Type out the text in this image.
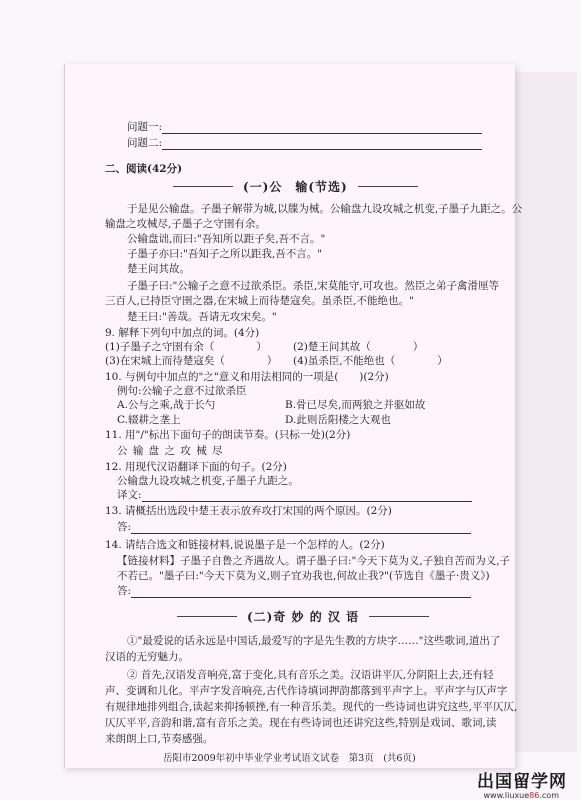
问题一:
问题二:
二、阅读(42分)
(一)公　输(节选)
于是见公输盘。子墨子解带为城,以牒为械。公输盘九设攻城之机变,子墨子九距之。公
输盘之攻械尽,子墨子之守圉有余。
公输盘诎,而曰:"吾知所以距子矣,吾不言。"
子墨子亦曰:"吾知子之所以距我,吾不言。"
楚王问其故。
子墨子曰:"公输子之意不过欲杀臣。杀臣,宋莫能守,可攻也。然臣之弟子禽滑厘等
三百人,已持臣守圉之器,在宋城上而待楚寇矣。虽杀臣,不能绝也。"
楚王曰:"善哉。吾请无攻宋矣。"
9. 解释下列句中加点的词。(4分)
(1)子墨子之守圉有余（　　　　） (2)楚王问其故（　　　　）
(3)在宋城上而待楚寇矣（　　　　） (4)虽杀臣,不能绝也（　　　　）
10. 与例句中加点的"之"意义和用法相同的一项是(　　)(2分)
例句:公输子之意不过欲杀臣
A.公与之乘,战于长勺	B.骨已尽矣,而两狼之并驱如故
C.辍耕之垄上	D.此则岳阳楼之大观也
11. 用"/"标出下面句子的朗读节奏。(只标一处)(2分)
公 输 盘 之 攻 械 尽
12. 用现代汉语翻译下面的句子。(2分)
公输盘九设攻城之机变,子墨子九距之。
译文:
13. 请概括出选段中楚王表示放弃攻打宋国的两个原因。(2分)
答:
14. 请结合选文和链接材料,说说墨子是一个怎样的人。(2分)
【链接材料】子墨子自鲁之齐遇故人。谓子墨子曰:"今天下莫为义,子独自苦而为义,子
不若已。"墨子曰:"今天下莫为义,则子宜劝我也,何故止我?"(节选自《墨子·贵义》)
答:
(二)奇 妙 的 汉 语
①"最爱说的话永远是中国话,最爱写的字是先生教的方块字……"这些歌词,道出了
汉语的无穷魅力。
② 首先,汉语发音响亮,富于变化,具有音乐之美。汉语讲平仄,分阴阳上去,还有轻
声、变调和儿化。平声字发音响亮,古代作诗填词押韵都落到平声字上。平声字与仄声字
有规律地排列组合,读起来抑扬顿挫,有一种音乐美。现代的一些诗词也讲究这些,平平仄仄,
仄仄平平,音韵和谐,富有音乐之美。现在有些诗词也还讲究这些,特别是戏词、歌词,读
来朗朗上口,节奏感强。
岳阳市2009年初中毕业学业考试语文试卷　第3页　(共6页)
出国留学网
www.liuxue86.com
